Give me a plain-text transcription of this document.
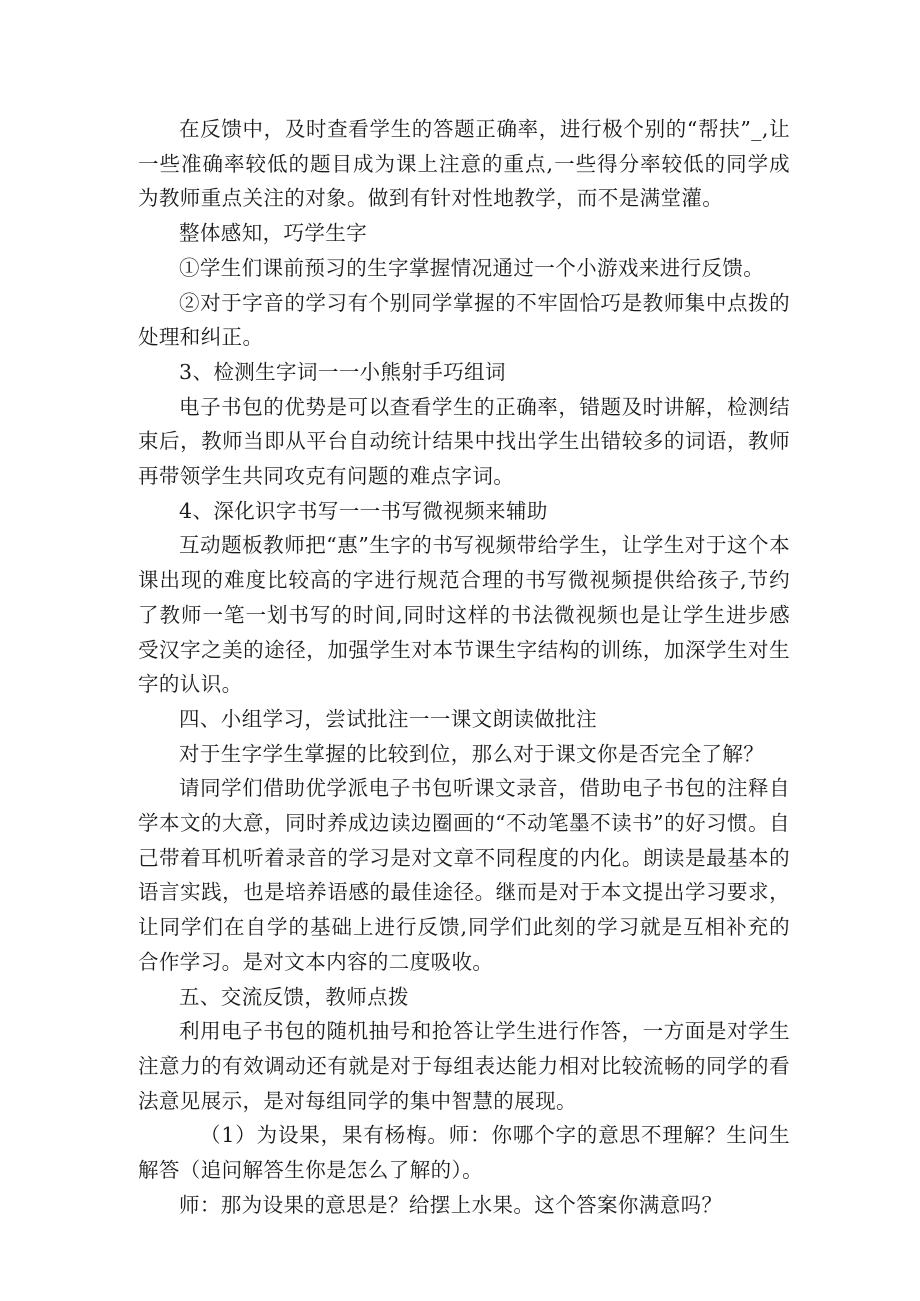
在反馈中，及时查看学生的答题正确率，进行极个别的“帮扶”_,让一些准确率较低的题目成为课上注意的重点,一些得分率较低的同学成为教师重点关注的对象。做到有针对性地教学，而不是满堂灌。

整体感知，巧学生字

①学生们课前预习的生字掌握情况通过一个小游戏来进行反馈。

②对于字音的学习有个别同学掌握的不牢固恰巧是教师集中点拨的处理和纠正。

3、检测生字词一一小熊射手巧组词

电子书包的优势是可以查看学生的正确率，错题及时讲解，检测结束后，教师当即从平台自动统计结果中找出学生出错较多的词语，教师再带领学生共同攻克有问题的难点字词。

4、深化识字书写一一书写微视频来辅助

互动题板教师把“惠”生字的书写视频带给学生，让学生对于这个本课出现的难度比较高的字进行规范合理的书写微视频提供给孩子,节约了教师一笔一划书写的时间,同时这样的书法微视频也是让学生进步感受汉字之美的途径，加强学生对本节课生字结构的训练，加深学生对生字的认识。

四、小组学习，尝试批注一一课文朗读做批注

对于生字学生掌握的比较到位，那么对于课文你是否完全了解？

请同学们借助优学派电子书包听课文录音，借助电子书包的注释自学本文的大意，同时养成边读边圈画的“不动笔墨不读书”的好习惯。自己带着耳机听着录音的学习是对文章不同程度的内化。朗读是最基本的语言实践，也是培养语感的最佳途径。继而是对于本文提出学习要求，让同学们在自学的基础上进行反馈,同学们此刻的学习就是互相补充的合作学习。是对文本内容的二度吸收。

五、交流反馈，教师点拨

利用电子书包的随机抽号和抢答让学生进行作答，一方面是对学生注意力的有效调动还有就是对于每组表达能力相对比较流畅的同学的看法意见展示，是对每组同学的集中智慧的展现。

（1）为设果，果有杨梅。师：你哪个字的意思不理解？生问生解答（追问解答生你是怎么了解的）。

师：那为设果的意思是？给摆上水果。这个答案你满意吗？
